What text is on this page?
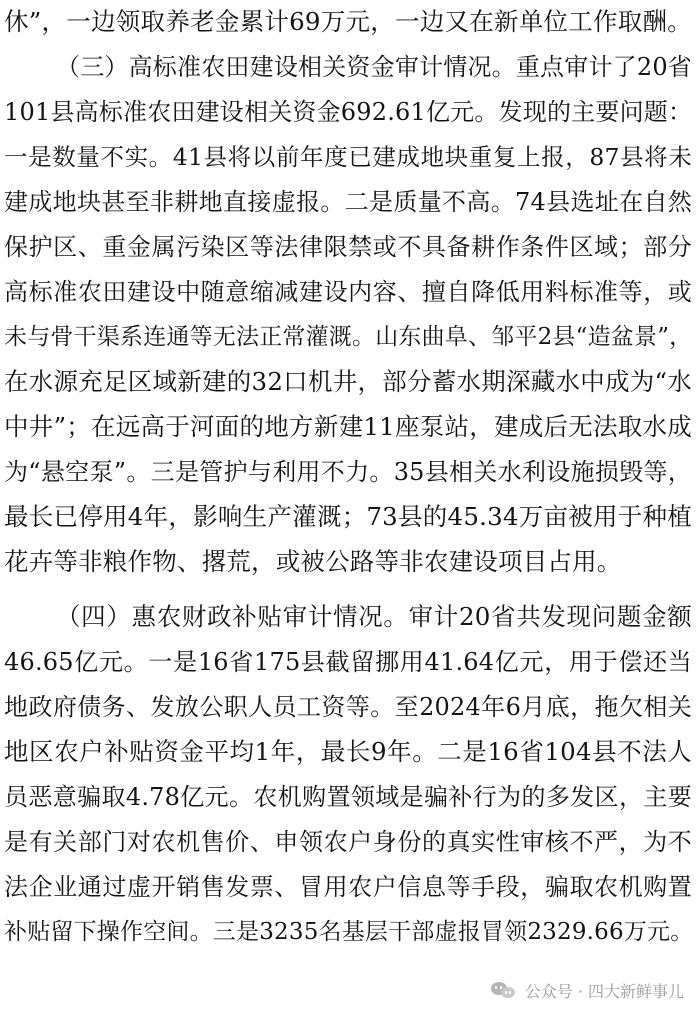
休”，一边领取养老金累计69万元，一边又在新单位工作取酬。
（三）高标准农田建设相关资金审计情况。重点审计了20省
101县高标准农田建设相关资金692.61亿元。发现的主要问题：
一是数量不实。41县将以前年度已建成地块重复上报，87县将未
建成地块甚至非耕地直接虚报。二是质量不高。74县选址在自然
保护区、重金属污染区等法律限禁或不具备耕作条件区域；部分
高标准农田建设中随意缩减建设内容、擅自降低用料标准等，或
未与骨干渠系连通等无法正常灌溉。山东曲阜、邹平2县“造盆景”，
在水源充足区域新建的32口机井，部分蓄水期深藏水中成为“水
中井”；在远高于河面的地方新建11座泵站，建成后无法取水成
为“悬空泵”。三是管护与利用不力。35县相关水利设施损毁等，
最长已停用4年，影响生产灌溉；73县的45.34万亩被用于种植
花卉等非粮作物、撂荒，或被公路等非农建设项目占用。
（四）惠农财政补贴审计情况。审计20省共发现问题金额
46.65亿元。一是16省175县截留挪用41.64亿元，用于偿还当
地政府债务、发放公职人员工资等。至2024年6月底，拖欠相关
地区农户补贴资金平均1年，最长9年。二是16省104县不法人
员恶意骗取4.78亿元。农机购置领域是骗补行为的多发区，主要
是有关部门对农机售价、申领农户身份的真实性审核不严，为不
法企业通过虚开销售发票、冒用农户信息等手段，骗取农机购置
补贴留下操作空间。三是3235名基层干部虚报冒领2329.66万元。
公众号 · 四大新鲜事儿
